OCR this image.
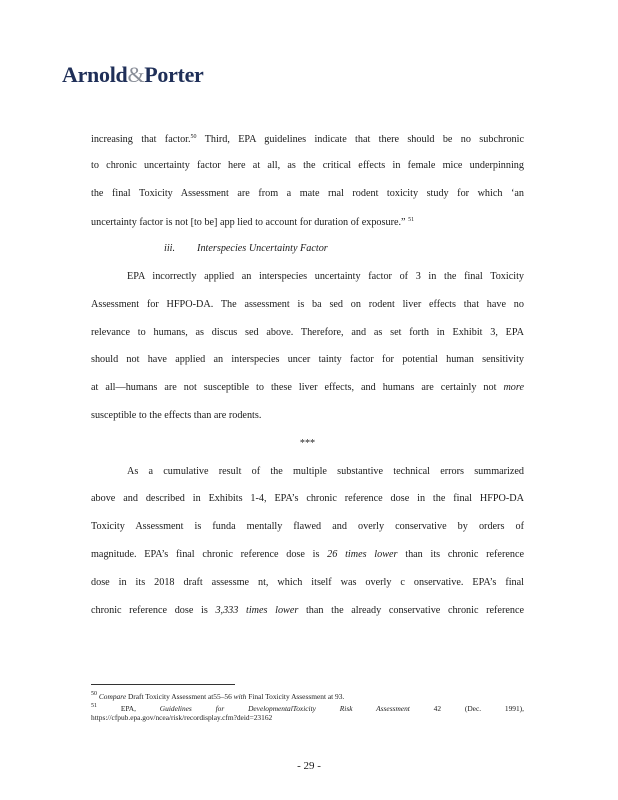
Arnold&Porter

increasing that factor.$^{50}$ Third, EPA guidelines indicate that there should be no subchronic
to chronic uncertainty factor here at all, as the critical effects in female mice underpinning
the final Toxicity Assessment are from a mate rnal rodent toxicity study for which ‘an
uncertainty factor is not [to be] app lied to account for duration of exposure.” $^{51}$

iii. Interspecies Uncertainty Factor

EPA incorrectly applied an interspecies uncertainty factor of 3 in the final Toxicity
Assessment for HFPO-DA. The assessment is ba sed on rodent liver effects that have no
relevance to humans, as discus sed above. Therefore, and as set forth in Exhibit 3, EPA
should not have applied an interspecies uncer tainty factor for potential human sensitivity
at all—humans are not susceptible to these liver effects, and humans are certainly not more
susceptible to the effects than are rodents.

***

As a cumulative result of the multiple substantive technical errors summarized
above and described in Exhibits 1-4, EPA’s chronic reference dose in the final HFPO-DA
Toxicity Assessment is funda mentally flawed and overly conservative by orders of
magnitude. EPA’s final chronic reference dose is 26 times lower than its chronic reference
dose in its 2018 draft assessme nt, which itself was overly c onservative. EPA’s final
chronic reference dose is 3,333 times lower than the already conservative chronic reference

$^{50}$ Compare Draft Toxicity Assessment at55–56 with Final Toxicity Assessment at 93.
$^{51}$ EPA, Guidelines for DevelopmentalToxicity Risk Assessment 42 (Dec. 1991),
https://cfpub.epa.gov/ncea/risk/recordisplay.cfm?deid=23162
- 29 -
